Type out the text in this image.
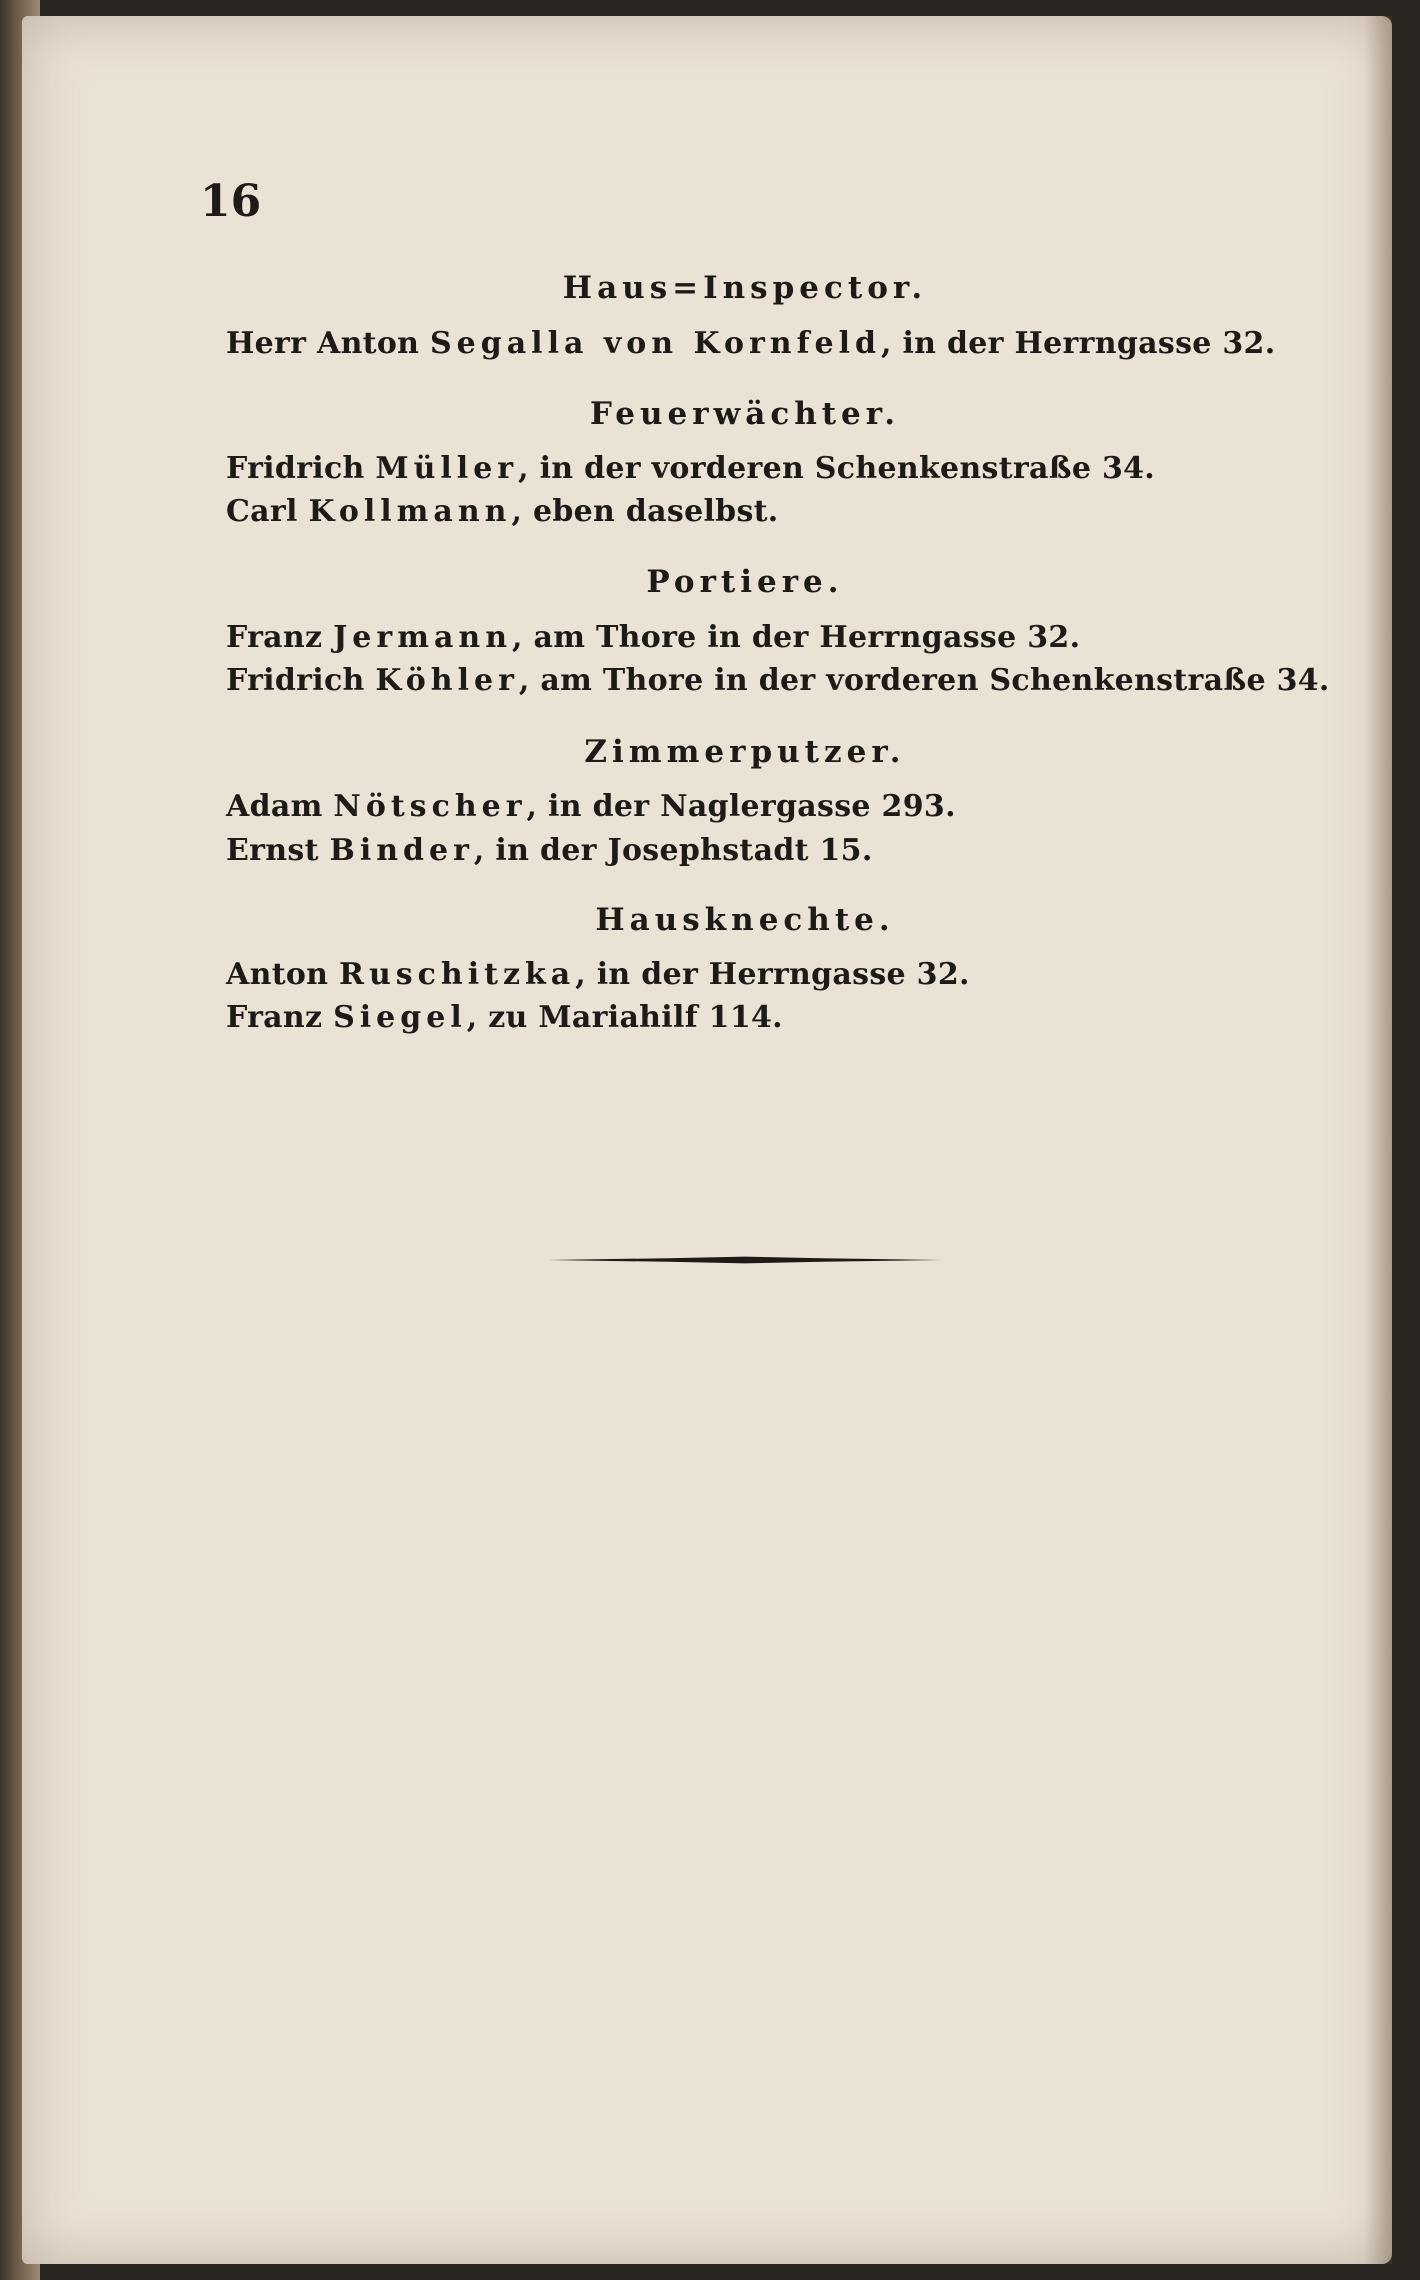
16
Haus=Inspector.
Herr Anton Segalla von Kornfeld, in der Herrngasse 32.
Feuerwächter.
Fridrich Müller, in der vorderen Schenkenstraße 34.
Carl Kollmann, eben daselbst.
Portiere.
Franz Jermann, am Thore in der Herrngasse 32.
Fridrich Köhler, am Thore in der vorderen Schenkenstraße 34.
Zimmerputzer.
Adam Nötscher, in der Naglergasse 293.
Ernst Binder, in der Josephstadt 15.
Hausknechte.
Anton Ruschitzka, in der Herrngasse 32.
Franz Siegel, zu Mariahilf 114.
